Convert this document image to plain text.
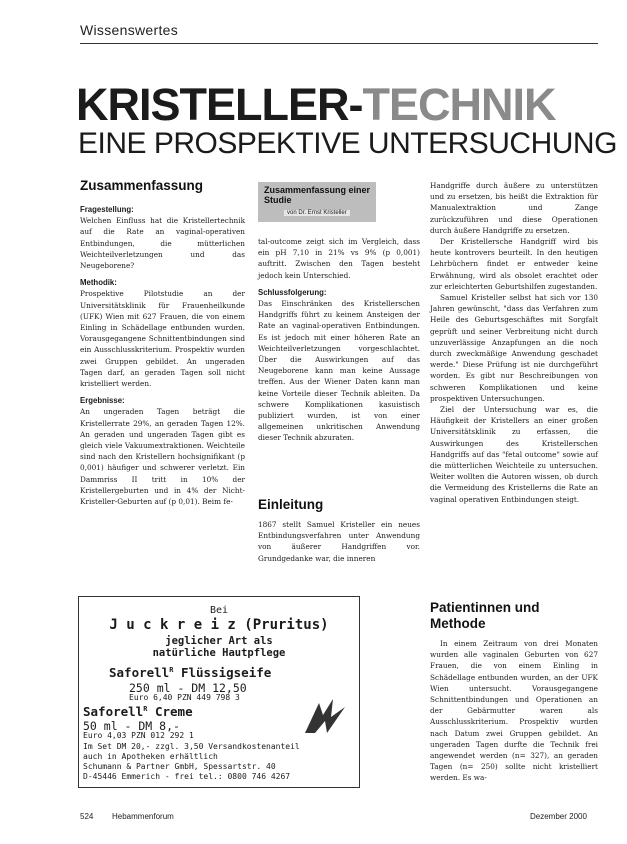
Wissenswertes
KRISTELLER-TECHNIK
EINE PROSPEKTIVE UNTERSUCHUNG
Zusammenfassung

Fragestellung:

Welchen Einfluss hat die Kristellertechnik auf die Rate an vaginal-operativen Entbindungen, die mütterlichen Weichteilverletzungen und das Neugeborene?

Methodik:

Prospektive Pilotstudie an der Universitätsklinik für Frauenheilkunde (UFK) Wien mit 627 Frauen, die von einem Einling in Schädellage entbunden wurden. Vorausgegangene Schnittentbindungen sind ein Ausschlusskriterium. Prospektiv wurden zwei Gruppen gebildet. An ungeraden Tagen darf, an geraden Tagen soll nicht kristelliert werden.

Ergebnisse:

An ungeraden Tagen beträgt die Kristellerrate 29%, an geraden Tagen 12%. An geraden und ungeraden Tagen gibt es gleich viele Vakuumextraktionen. Weichteile sind nach den Kristellern hochsignifikant (p 0,001) häufiger und schwerer verletzt. Ein Dammriss II tritt in 10% der Kristellergeburten und in 4% der Nicht-Kristeller-Geburten auf (p 0,01). Beim fe-

Zusammenfassung einer Studie
von Dr. Ernst Kristeller

tal-outcome zeigt sich im Vergleich, dass ein pH 7,10 in 21% vs 9% (p 0,001) auftritt. Zwischen den Tagen besteht jedoch kein Unterschied.

Schlussfolgerung:

Das Einschränken des Kristellerschen Handgriffs führt zu keinem Ansteigen der Rate an vaginal-operativen Entbindungen. Es ist jedoch mit einer höheren Rate an Weichteilverletzungen vorgeschlachtet. Über die Auswirkungen auf das Neugeborene kann man keine Aussage treffen. Aus der Wiener Daten kann man keine Vorteile dieser Technik ableiten. Da schwere Komplikationen kasuistisch publiziert wurden, ist von einer allgemeinen unkritischen Anwendung dieser Technik abzuraten.

Einleitung
1867 stellt Samuel Kristeller ein neues Entbindungsverfahren unter Anwendung von äußerer Handgriffen vor. Grundgedanke war, die inneren

Handgriffe durch äußere zu unterstützen und zu ersetzen, bis heißt die Extraktion für Manualextraktion und Zange zurückzuführen und diese Operationen durch äußere Handgriffe zu ersetzen.

Der Kristellersche Handgriff wird bis heute kontrovers beurteilt. In den heutigen Lehrbüchern findet er entweder keine Erwähnung, wird als obsolet erachtet oder zur erleichterten Geburtshilfen zugestanden.

Samuel Kristeller selbst hat sich vor 130 Jahren gewünscht, "dass das Verfahren zum Heile des Geburtsgeschäftes mit Sorgfalt geprüft und seiner Verbreitung nicht durch unzuverlässige Anzapfungen an die noch durch zweckmäßige Anwendung geschadet werde." Diese Prüfung ist nie durchgeführt worden. Es gibt nur Beschreibungen von schweren Komplikationen und keine prospektiven Untersuchungen.

Ziel der Untersuchung war es, die Häufigkeit der Kristellers an einer großen Universitätsklinik zu erfassen, die Auswirkungen des Kristellerschen Handgriffs auf das "fetal outcome" sowie auf die mütterlichen Weichteile zu untersuchen. Weiter wollten die Autoren wissen, ob durch die Vermeidung des Kristellerns die Rate an vaginal operativen Entbindungen steigt.

Patientinnen und
Methode
In einem Zeitraum von drei Monaten wurden alle vaginalen Geburten von 627 Frauen, die von einem Einling in Schädellage entbunden wurden, an der UFK Wien untersucht. Vorausgegangene Schnittentbindungen und Operationen an der Gebärmutter waren als Ausschlusskriterium. Prospektiv wurden nach Datum zwei Gruppen gebildet. An ungeraden Tagen durfte die Technik frei angewendet werden (n= 327), an geraden Tagen (n= 250) sollte nicht kristelliert werden. Es wa-
Bei
J u c k r e i z (Pruritus)
jeglicher Art als
natürliche Hautpflege
Saforell$^R$ Flüssigseife
250 ml - DM 12,50
Euro 6,40 PZN 449 798 3
Saforell$^R$ Creme
50 ml - DM 8,-
Euro 4,03 PZN 012 292 1
Im Set DM 20,- zzgl. 3,50 Versandkostenanteil
auch in Apotheken erhältlich
Schumann & Partner GmbH, Spessartstr. 40
D-45446 Emmerich - frei tel.: 0800 746 4267
524 Hebammenforum	Dezember 2000
